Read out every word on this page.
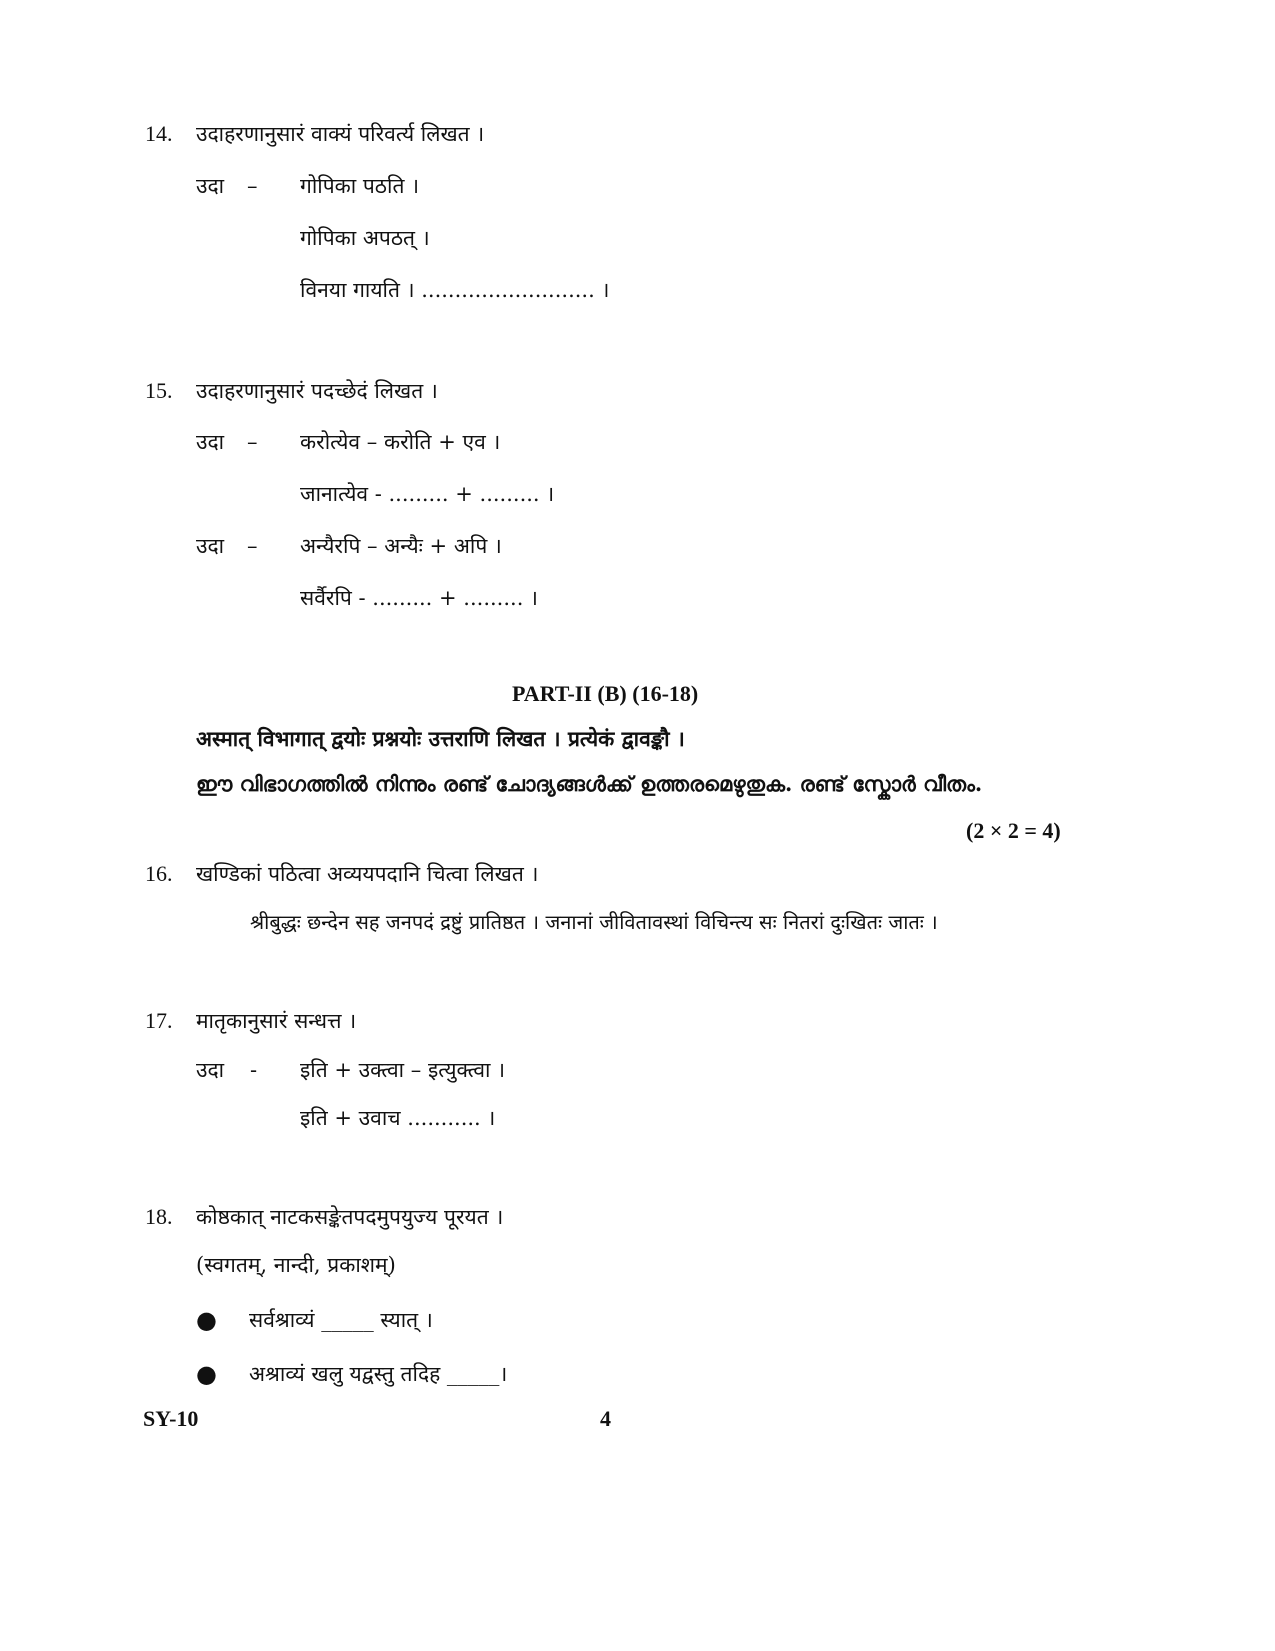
14. उदाहरणानुसारं वाक्यं परिवर्त्य लिखत ।
उदा – गोपिका पठति ।
गोपिका अपठत् ।
विनया गायति । .......................... ।
15. उदाहरणानुसारं पदच्छेदं लिखत ।
उदा – करोत्येव – करोति + एव ।
जानात्येव - ......... + ......... ।
उदा – अन्यैरपि – अन्यैः + अपि ।
सर्वैरपि - ......... + ......... ।
PART-II (B) (16-18)
अस्मात् विभागात् द्वयोः प्रश्नयोः उत्तराणि लिखत । प्रत्येकं द्वावङ्कौ ।
ഈ വിഭാഗത്തിൽ നിന്നും രണ്ട് ചോദ്യങ്ങൾക്ക് ഉത്തരമെഴുതുക. രണ്ട് സ്കോർ വീതം.
(2 × 2 = 4)
16. खण्डिकां पठित्वा अव्ययपदानि चित्वा लिखत ।
श्रीबुद्धः छन्देन सह जनपदं द्रष्टुं प्रातिष्ठत । जनानां जीवितावस्थां विचिन्त्य सः नितरां दुःखितः जातः ।
17. मातृकानुसारं सन्धत्त ।
उदा - इति + उक्त्वा – इत्युक्त्वा ।
इति + उवाच ........... ।
18. कोष्ठकात् नाटकसङ्केतपदमुपयुज्य पूरयत ।
(स्वगतम्, नान्दी, प्रकाशम्)
● सर्वश्राव्यं _____ स्यात् ।
● अश्राव्यं खलु यद्वस्तु तदिह _____।
SY-10	4
